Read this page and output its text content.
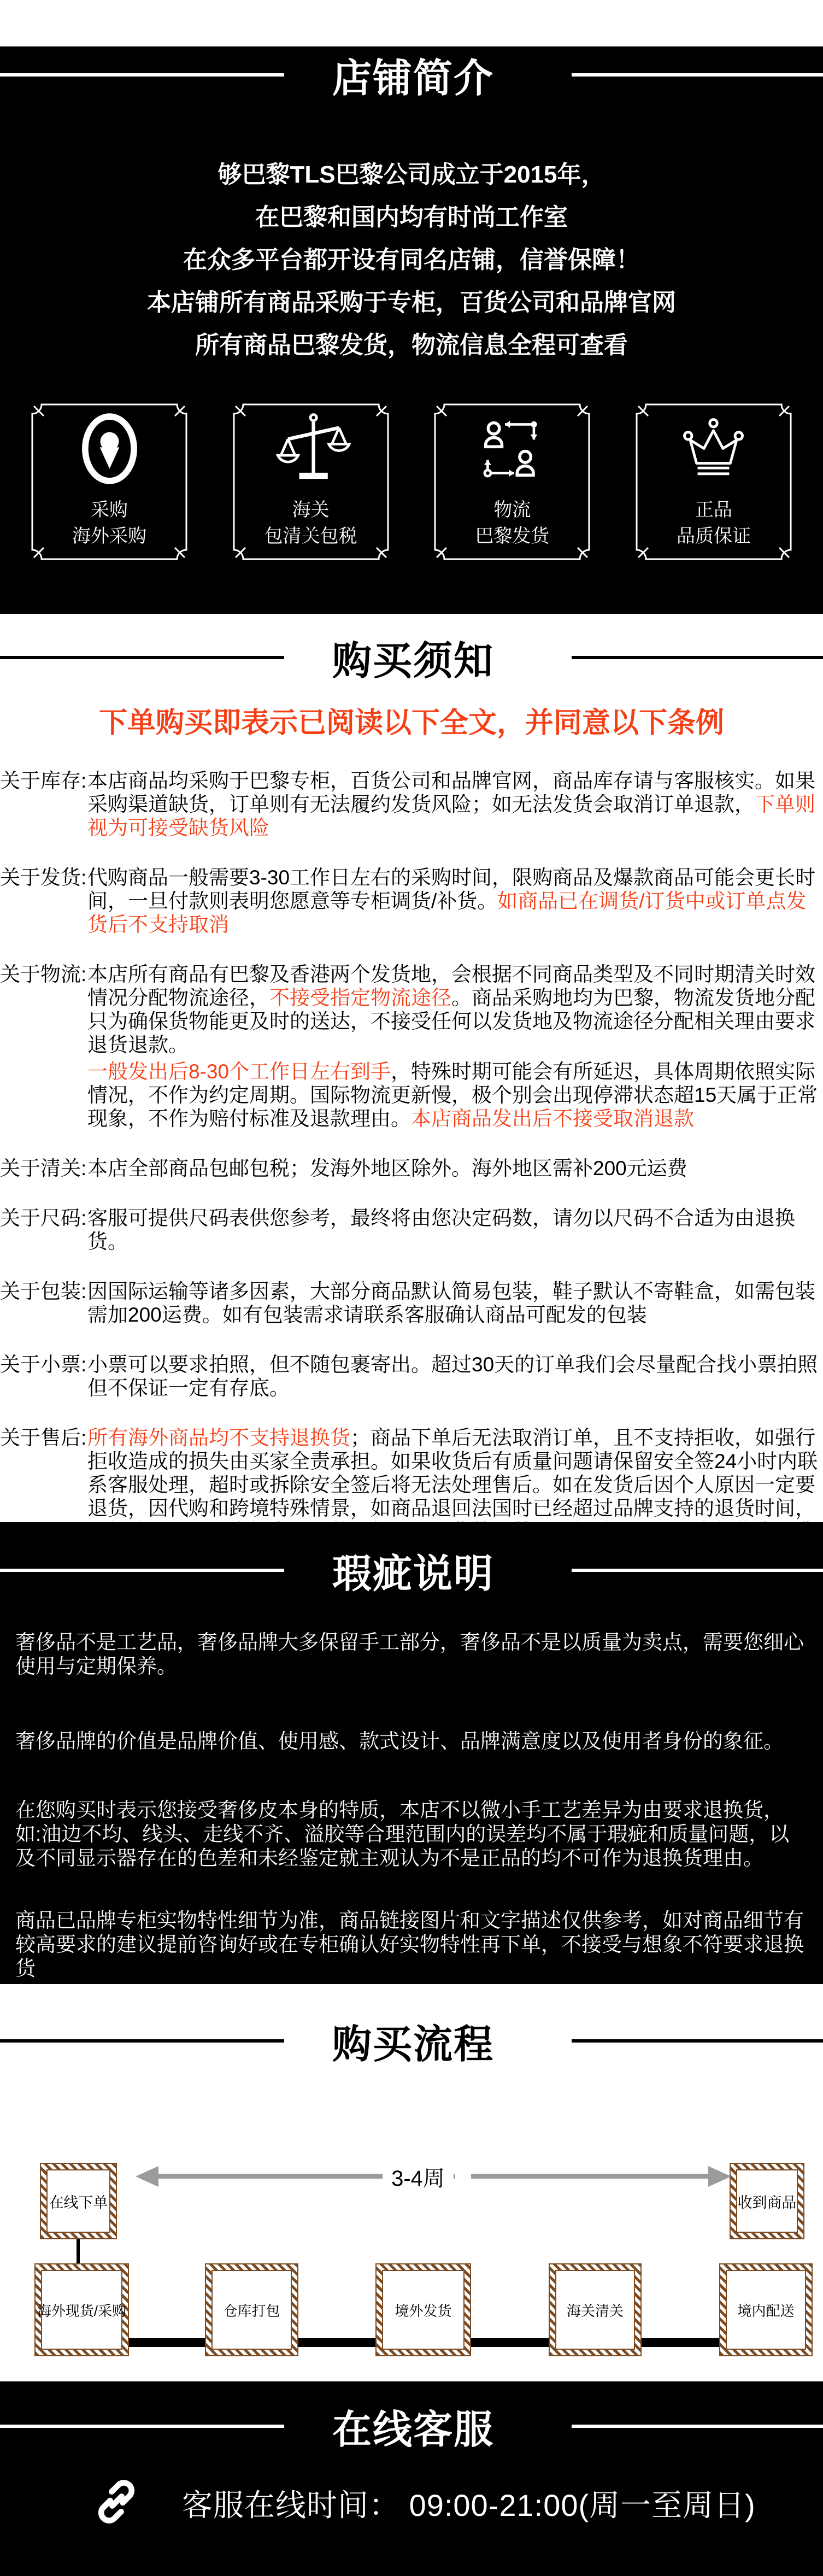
店铺简介
够巴黎TLS巴黎公司成立于2015年，
在巴黎和国内均有时尚工作室
在众多平台都开设有同名店铺，信誉保障！
本店铺所有商品采购于专柜，百货公司和品牌官网
所有商品巴黎发货，物流信息全程可查看
采购
海外采购
海关
包清关包税
物流
巴黎发货
正品
品质保证
购买须知
下单购买即表示已阅读以下全文，并同意以下条例
关于库存: 本店商品均采购于巴黎专柜，百货公司和品牌官网，商品库存请与客服核实。如果采购渠道缺货，订单则有无法履约发货风险；如无法发货会取消订单退款，下单则视为可接受缺货风险
关于发货: 代购商品一般需要3-30工作日左右的采购时间，限购商品及爆款商品可能会更长时间，一旦付款则表明您愿意等专柜调货/补货。如商品已在调货/订货中或订单点发货后不支持取消
关于物流: 本店所有商品有巴黎及香港两个发货地，会根据不同商品类型及不同时期清关时效情况分配物流途径，不接受指定物流途径。商品采购地均为巴黎，物流发货地分配只为确保货物能更及时的送达，不接受任何以发货地及物流途径分配相关理由要求退货退款。
一般发出后8-30个工作日左右到手，特殊时期可能会有所延迟，具体周期依照实际情况，不作为约定周期。国际物流更新慢，极个别会出现停滞状态超15天属于正常现象，不作为赔付标准及退款理由。本店商品发出后不接受取消退款
关于清关: 本店全部商品包邮包税；发海外地区除外。海外地区需补200元运费
关于尺码: 客服可提供尺码表供您参考，最终将由您决定码数，请勿以尺码不合适为由退换货。
关于包装: 因国际运输等诸多因素，大部分商品默认简易包装，鞋子默认不寄鞋盒，如需包装需加200运费。如有包装需求请联系客服确认商品可配发的包装
关于小票: 小票可以要求拍照，但不随包裹寄出。超过30天的订单我们会尽量配合找小票拍照但不保证一定有存底。
关于售后: 所有海外商品均不支持退换货；商品下单后无法取消订单，且不支持拒收，如强行拒收造成的损失由买家全责承担。如果收货后有质量问题请保留安全签24小时内联系客服处理，超时或拆除安全签后将无法处理售后。如在发货后因个人原因一定要退货，因代购和跨境特殊情景，如商品退回法国时已经超过品牌支持的退货时间，
瑕疵说明

奢侈品不是工艺品，奢侈品牌大多保留手工部分，奢侈品不是以质量为卖点，需要您细心使用与定期保养。

奢侈品牌的价值是品牌价值、使用感、款式设计、品牌满意度以及使用者身份的象征。

在您购买时表示您接受奢侈皮本身的特质，本店不以微小手工艺差异为由要求退换货，如:油边不均、线头、走线不齐、溢胶等合理范围内的误差均不属于瑕疵和质量问题，以及不同显示器存在的色差和未经鉴定就主观认为不是正品的均不可作为退换货理由。

商品已品牌专柜实物特性细节为准，商品链接图片和文字描述仅供参考，如对商品细节有较高要求的建议提前咨询好或在专柜确认好实物特性再下单，不接受与想象不符要求退换货

购买流程
在线下单	收到商品
3-4周
海外现货/采购	仓库打包	境外发货	海关清关	境内配送
在线客服
客服在线时间： 09:00-21:00(周一至周日)
